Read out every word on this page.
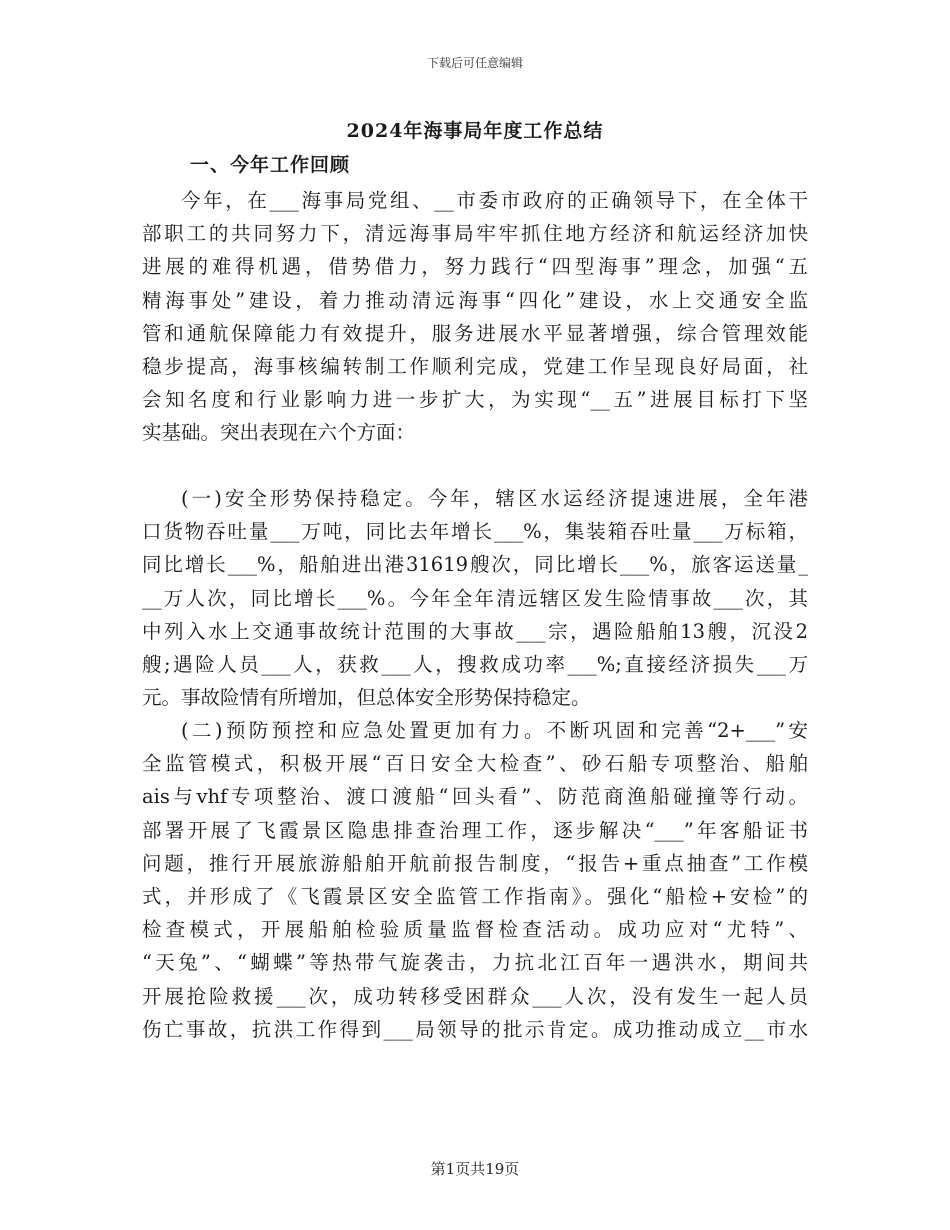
下载后可任意编辑
2024年海事局年度工作总结
一、今年工作回顾
今年，在___海事局党组、__市委市政府的正确领导下，在全体干
部职工的共同努力下，清远海事局牢牢抓住地方经济和航运经济加快
进展的难得机遇，借势借力，努力践行“四型海事”理念，加强“五
精海事处”建设，着力推动清远海事“四化”建设，水上交通安全监
管和通航保障能力有效提升，服务进展水平显著增强，综合管理效能
稳步提高，海事核编转制工作顺利完成，党建工作呈现良好局面，社
会知名度和行业影响力进一步扩大，为实现“__五”进展目标打下坚
实基础。突出表现在六个方面：
(一)安全形势保持稳定。今年，辖区水运经济提速进展，全年港
口货物吞吐量___万吨，同比去年增长___%，集装箱吞吐量___万标箱，
同比增长___%，船舶进出港31619艘次，同比增长___%，旅客运送量_
__万人次，同比增长___%。今年全年清远辖区发生险情事故___次，其
中列入水上交通事故统计范围的大事故___宗，遇险船舶13艘，沉没2
艘;遇险人员___人，获救___人，搜救成功率___%;直接经济损失___万
元。事故险情有所增加，但总体安全形势保持稳定。
(二)预防预控和应急处置更加有力。不断巩固和完善“2+___”安
全监管模式，积极开展“百日安全大检查”、砂石船专项整治、船舶
ais与vhf专项整治、渡口渡船“回头看”、防范商渔船碰撞等行动。
部署开展了飞霞景区隐患排查治理工作，逐步解决“___”年客船证书
问题，推行开展旅游船舶开航前报告制度，“报告+重点抽查”工作模
式，并形成了《飞霞景区安全监管工作指南》。强化“船检+安检”的
检查模式，开展船舶检验质量监督检查活动。成功应对“尤特”、
“天兔”、“蝴蝶”等热带气旋袭击，力抗北江百年一遇洪水，期间共
开展抢险救援___次，成功转移受困群众___人次，没有发生一起人员
伤亡事故，抗洪工作得到___局领导的批示肯定。成功推动成立__市水
第1页共19页
